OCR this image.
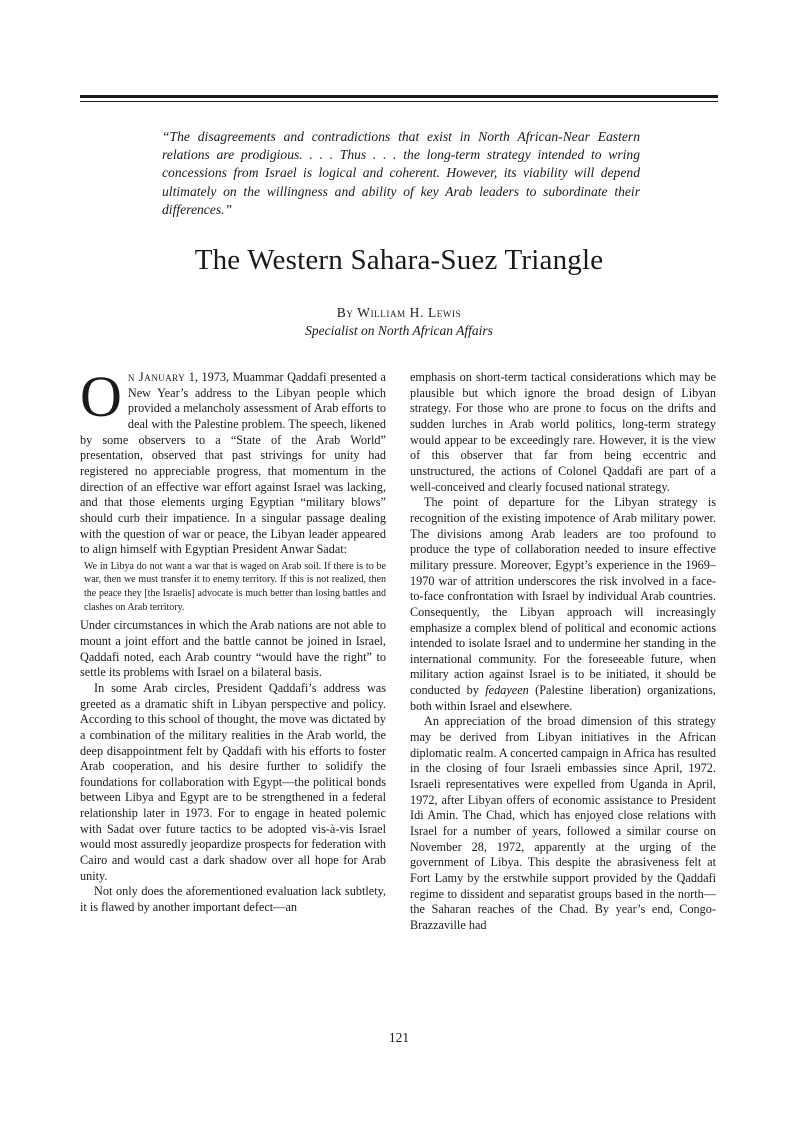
“The disagreements and contradictions that exist in North African-Near Eastern relations are prodigious. . . . Thus . . . the long-term strategy intended to wring concessions from Israel is logical and coherent. However, its viability will depend ultimately on the willingness and ability of key Arab leaders to subordinate their differences.”

The Western Sahara-Suez Triangle
By William H. Lewis
Specialist on North African Affairs

On January 1, 1973, Muammar Qaddafi presented a New Year’s address to the Libyan people which provided a melancholy assessment of Arab efforts to deal with the Palestine problem. The speech, likened by some observers to a “State of the Arab World” presentation, observed that past strivings for unity had registered no appreciable progress, that momentum in the direction of an effective war effort against Israel was lacking, and that those elements urging Egyptian “military blows” should curb their impatience. In a singular passage dealing with the question of war or peace, the Libyan leader appeared to align himself with Egyptian President Anwar Sadat:

We in Libya do not want a war that is waged on Arab soil. If there is to be war, then we must transfer it to enemy territory. If this is not realized, then the peace they [the Israelis] advocate is much better than losing battles and clashes on Arab territory.

Under circumstances in which the Arab nations are not able to mount a joint effort and the battle cannot be joined in Israel, Qaddafi noted, each Arab country “would have the right” to settle its problems with Israel on a bilateral basis.

In some Arab circles, President Qaddafi’s address was greeted as a dramatic shift in Libyan perspective and policy. According to this school of thought, the move was dictated by a combination of the military realities in the Arab world, the deep disappointment felt by Qaddafi with his efforts to foster Arab cooperation, and his desire further to solidify the foundations for collaboration with Egypt—the political bonds between Libya and Egypt are to be strengthened in a federal relationship later in 1973. For to engage in heated polemic with Sadat over future tactics to be adopted vis-à-vis Israel would most assuredly jeopardize prospects for federation with Cairo and would cast a dark shadow over all hope for Arab unity.

Not only does the aforementioned evaluation lack subtlety, it is flawed by another important defect—an

emphasis on short-term tactical considerations which may be plausible but which ignore the broad design of Libyan strategy. For those who are prone to focus on the drifts and sudden lurches in Arab world politics, long-term strategy would appear to be exceedingly rare. However, it is the view of this observer that far from being eccentric and unstructured, the actions of Colonel Qaddafi are part of a well-conceived and clearly focused national strategy.

The point of departure for the Libyan strategy is recognition of the existing impotence of Arab military power. The divisions among Arab leaders are too profound to produce the type of collaboration needed to insure effective military pressure. Moreover, Egypt’s experience in the 1969–1970 war of attrition underscores the risk involved in a face-to-face confrontation with Israel by individual Arab countries. Consequently, the Libyan approach will increasingly emphasize a complex blend of political and economic actions intended to isolate Israel and to undermine her standing in the international community. For the foreseeable future, when military action against Israel is to be initiated, it should be conducted by fedayeen (Palestine liberation) organizations, both within Israel and elsewhere.

An appreciation of the broad dimension of this strategy may be derived from Libyan initiatives in the African diplomatic realm. A concerted campaign in Africa has resulted in the closing of four Israeli embassies since April, 1972. Israeli representatives were expelled from Uganda in April, 1972, after Libyan offers of economic assistance to President Idi Amin. The Chad, which has enjoyed close relations with Israel for a number of years, followed a similar course on November 28, 1972, apparently at the urging of the government of Libya. This despite the abrasiveness felt at Fort Lamy by the erstwhile support provided by the Qaddafi regime to dissident and separatist groups based in the north—the Saharan reaches of the Chad. By year’s end, Congo-Brazzaville had

121
